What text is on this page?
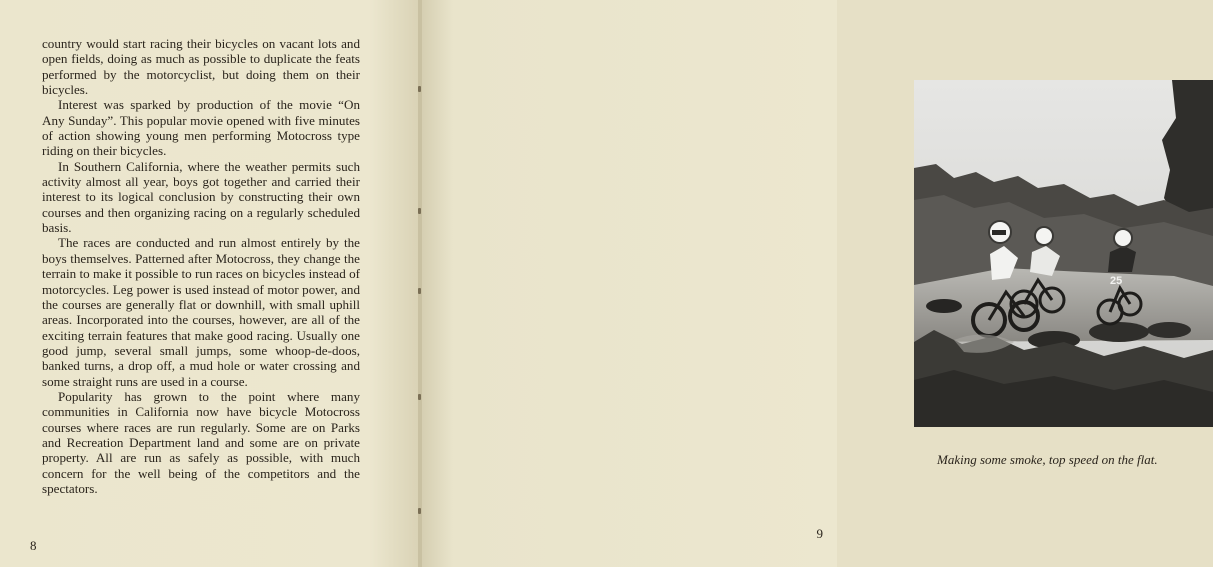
country would start racing their bicycles on vacant lots and open fields, doing as much as possible to duplicate the feats performed by the motorcyclist, but doing them on their bicycles.

Interest was sparked by production of the movie “On Any Sunday”. This popular movie opened with five minutes of action showing young men performing Motocross type riding on their bicycles.

In Southern California, where the weather permits such activity almost all year, boys got together and carried their interest to its logical conclusion by constructing their own courses and then organizing racing on a regularly scheduled basis.

The races are conducted and run almost entirely by the boys themselves. Patterned after Motocross, they change the terrain to make it possible to run races on bicycles instead of motorcycles. Leg power is used instead of motor power, and the courses are generally flat or downhill, with small uphill areas. Incorporated into the courses, however, are all of the exciting terrain features that make good racing. Usually one good jump, several small jumps, some whoop-de-doos, banked turns, a drop off, a mud hole or water crossing and some straight runs are used in a course.

Popularity has grown to the point where many communities in California now have bicycle Motocross courses where races are run regularly. Some are on Parks and Recreation Department land and some are on private property. All are run as safely as possible, with much concern for the well being of the competitors and the spectators.

8
25
Making some smoke, top speed on the flat.
9
